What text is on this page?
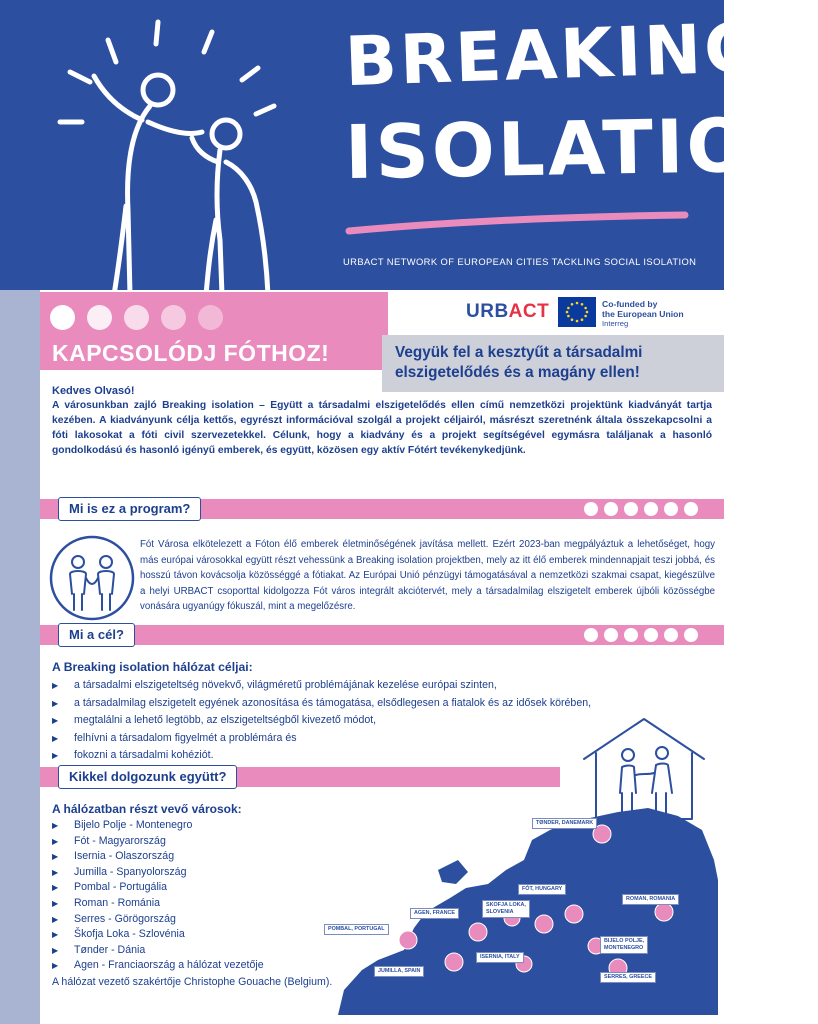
BREAKING
ISOLATION
URBACT NETWORK OF EUROPEAN CITIES TACKLING SOCIAL ISOLATION
KAPCSOLÓDJ FÓTHOZ!
URBACT	Co-funded by
the European Union
Interreg
Vegyük fel a kesztyűt a társadalmi elszigetelődés és a magány ellen!
Kedves Olvasó!
A városunkban zajló Breaking isolation – Együtt a társadalmi elszigetelődés ellen című nemzetközi projektünk kiadványát tartja kezében. A kiadványunk célja kettős, egyrészt információval szolgál a projekt céljairól, másrészt szeretnénk általa összekapcsolni a fóti lakosokat a fóti civil szervezetekkel. Célunk, hogy a kiadvány és a projekt segítségével egymásra találjanak a hasonló gondolkodású és hasonló igényű emberek, és együtt, közösen egy aktív Fótért tevékenykedjünk.
Mi is ez a program?
Fót Városa elkötelezett a Fóton élő emberek életminőségének javítása mellett. Ezért 2023-ban megpályáztuk a lehetőséget, hogy más európai városokkal együtt részt vehessünk a Breaking isolation projektben, mely az itt élő emberek mindennapjait teszi jobbá, és hosszú távon kovácsolja közösséggé a fótiakat. Az Európai Unió pénzügyi támogatásával a nemzetközi szakmai csapat, kiegészülve a helyi URBACT csoporttal kidolgozza Fót város integrált akciótervét, mely a társadalmilag elszigetelt emberek újbóli közösségbe vonására ugyanúgy fókuszál, mint a megelőzésre.
Mi a cél?
A Breaking isolation hálózat céljai:
▶ a társadalmi elszigeteltség növekvő, világméretű problémájának kezelése európai szinten,
▶ a társadalmilag elszigetelt egyének azonosítása és támogatása, elsődlegesen a fiatalok és az idősek körében,
▶ megtalálni a lehető legtöbb, az elszigeteltségből kivezető módot,
▶ felhívni a társadalom figyelmét a problémára és
▶ fokozni a társadalmi kohéziót.
Kikkel dolgozunk együtt?
A hálózatban részt vevő városok:
▶ Bijelo Polje - Montenegro
▶ Fót - Magyarország
▶ Isernia - Olaszország
▶ Jumilla - Spanyolország
▶ Pombal - Portugália
▶ Roman - Románia
▶ Serres - Görögország
▶ Škofja Loka - Szlovénia
▶ Tønder - Dánia
▶ Agen - Franciaország a hálózat vezetője
A hálózat vezető szakértője Christophe Gouache (Belgium).
TØNDER, DANEMARK
FÓT, HUNGARY
SKOFJA LOKA,
SLOVENIA
AGEN, FRANCE
ROMAN, ROMANIA
POMBAL, PORTUGAL
BIJELO POLJE,
MONTENEGRO
ISERNIA, ITALY
JUMILLA, SPAIN
SERRES, GREECE
